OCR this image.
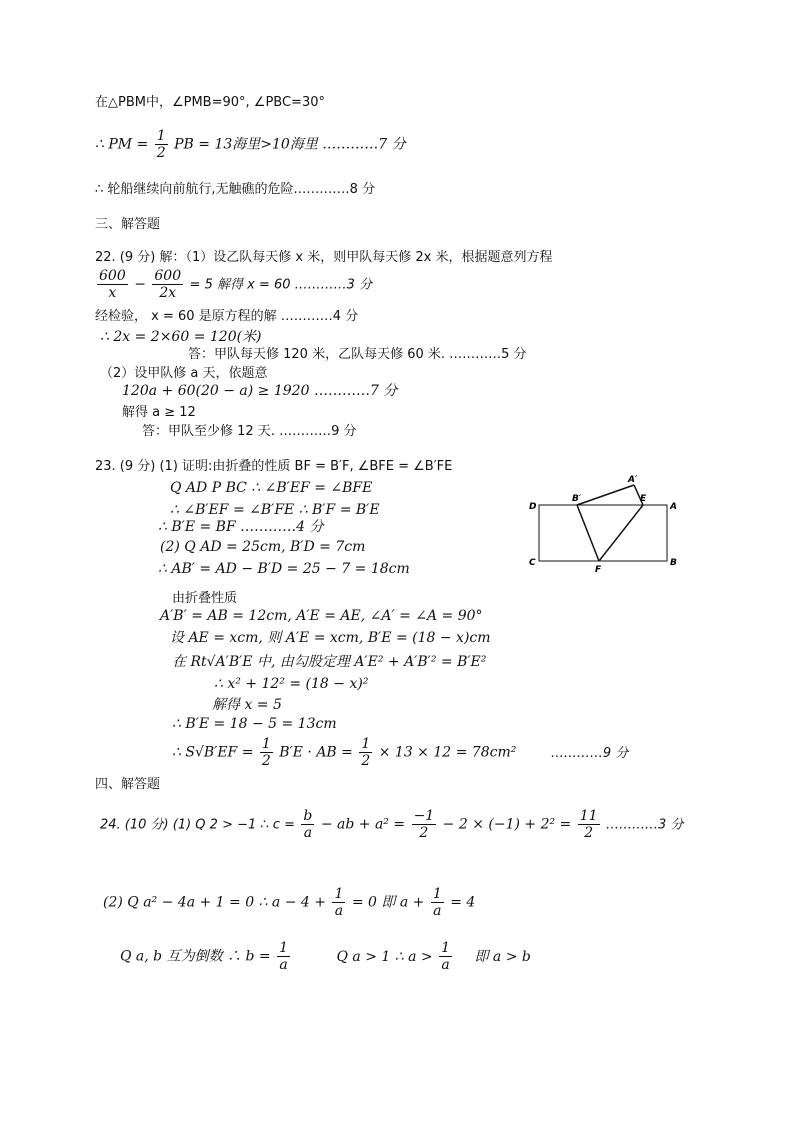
在△PBM中，∠PMB=90°, ∠PBC=30°
∴ PM = $\frac{1}{2}$ PB = 13海里>10海里 …………7 分
∴ 轮船继续向前航行,无触礁的危险.…………8 分
三、解答题
22. (9 分) 解：（1）设乙队每天修 x 米，则甲队每天修 2x 米，根据题意列方程
$\frac{600}{x} - \frac{600}{2x} = 5$ 解得 x = 60 …………3 分
经检验， x = 60 是原方程的解 …………4 分
∴ 2x = 2×60 = 120(米)
答：甲队每天修 120 米，乙队每天修 60 米. …………5 分
（2）设甲队修 a 天，依题意
120a + 60(20 − a) ≥ 1920 …………7 分
解得 a ≥ 12
答：甲队至少修 12 天. …………9 分
23. (9 分) (1) 证明:由折叠的性质 BF = B′F, ∠BFE = ∠B′FE
Q AD P BC ∴ ∠B′EF = ∠BFE
∴ ∠B′EF = ∠B′FE ∴ B′F = B′E
∴ B′E = BF …………4 分
(2) Q AD = 25cm, B′D = 7cm
∴ AB′ = AD − B′D = 25 − 7 = 18cm
由折叠性质
A′B′ = AB = 12cm, A′E = AE, ∠A′ = ∠A = 90°
设 AE = xcm, 则 A′E = xcm, B′E = (18 − x)cm
在 Rt√A′B′E 中, 由勾股定理 A′E² + A′B′² = B′E²
∴ x² + 12² = (18 − x)²
解得 x = 5
∴ B′E = 18 − 5 = 13cm
∴ $S√B'EF = \frac{1}{2} B'E$ · AB = $\frac{1}{2} \times 13 \times 12 = 78cm^2$	…………9 分
四、解答题
24. (10 分) (1) Q 2 > −1 ∴ $c = \frac{b}{a}$ − ab + $a^2 = \frac{-1}{2} - 2 \times (-1) + 2^2 = \frac{11}{2}$ …………3 分
(2) Q a² − 4a + 1 = 0 ∴ $a - 4 + \frac{1}{a} = 0$ 即 $a + \frac{1}{a} = 4$
Q a, b 互为倒数 ∴ $b = \frac{1}{a}$	Q a > 1 ∴ $a > \frac{1}{a}$ 即 a > b
D
B′
A′
E
A
C
F
B
